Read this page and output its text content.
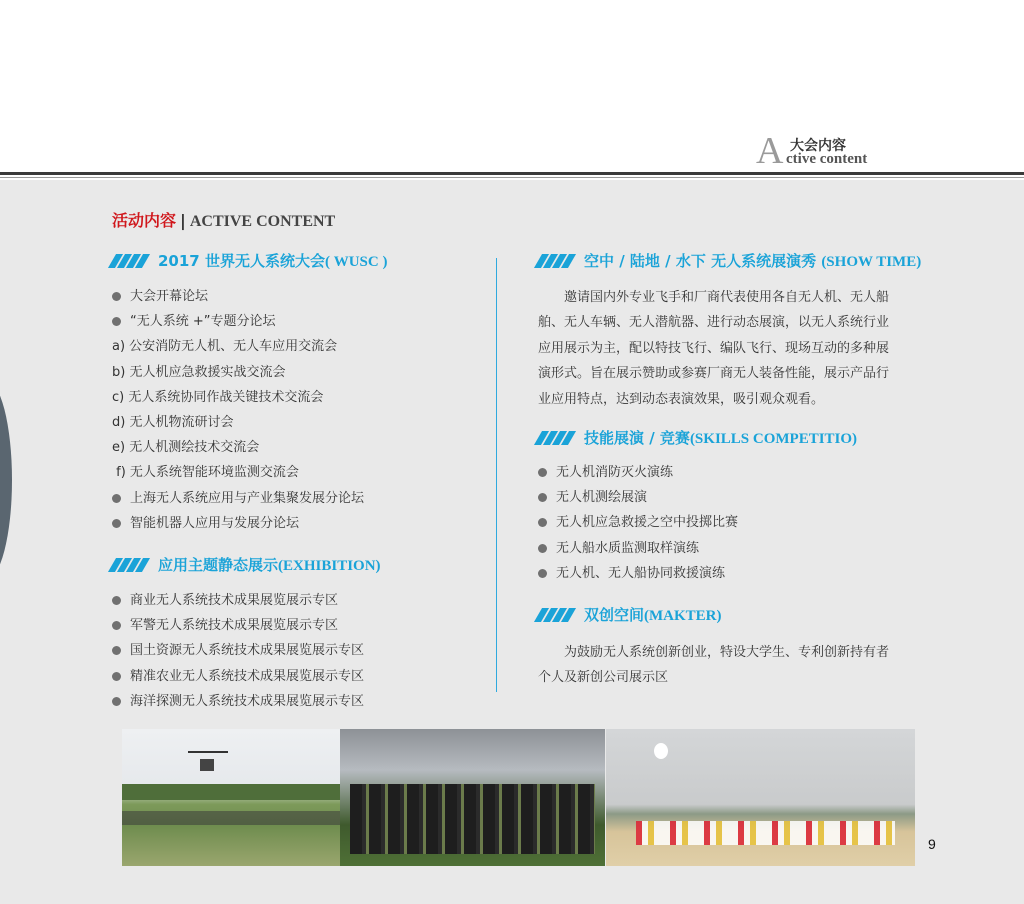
A 大会内容
ctive content
活动内容 | ACTIVE CONTENT
2017 世界无人系统大会( WUSC )
大会开幕论坛
“无人系统 +”专题分论坛
a) 公安消防无人机、无人车应用交流会
b) 无人机应急救援实战交流会
c) 无人系统协同作战关键技术交流会
d) 无人机物流研讨会
e) 无人机测绘技术交流会
f) 无人系统智能环境监测交流会
上海无人系统应用与产业集聚发展分论坛
智能机器人应用与发展分论坛
应用主题静态展示(EXHIBITION)
商业无人系统技术成果展览展示专区
军警无人系统技术成果展览展示专区
国土资源无人系统技术成果展览展示专区
精准农业无人系统技术成果展览展示专区
海洋探测无人系统技术成果展览展示专区
空中 / 陆地 / 水下 无人系统展演秀 (SHOW TIME)
　　邀请国内外专业飞手和厂商代表使用各自无人机、无人船
舶、无人车辆、无人潜航器、进行动态展演，以无人系统行业
应用展示为主，配以特技飞行、编队飞行、现场互动的多种展
演形式。旨在展示赞助或参赛厂商无人装备性能，展示产品行
业应用特点，达到动态表演效果，吸引观众观看。
技能展演 / 竞赛(SKILLS COMPETITIO)
无人机消防灭火演练
无人机测绘展演
无人机应急救援之空中投掷比赛
无人船水质监测取样演练
无人机、无人船协同救援演练
双创空间(MAKTER)
　　为鼓励无人系统创新创业，特设大学生、专利创新持有者
个人及新创公司展示区
9
